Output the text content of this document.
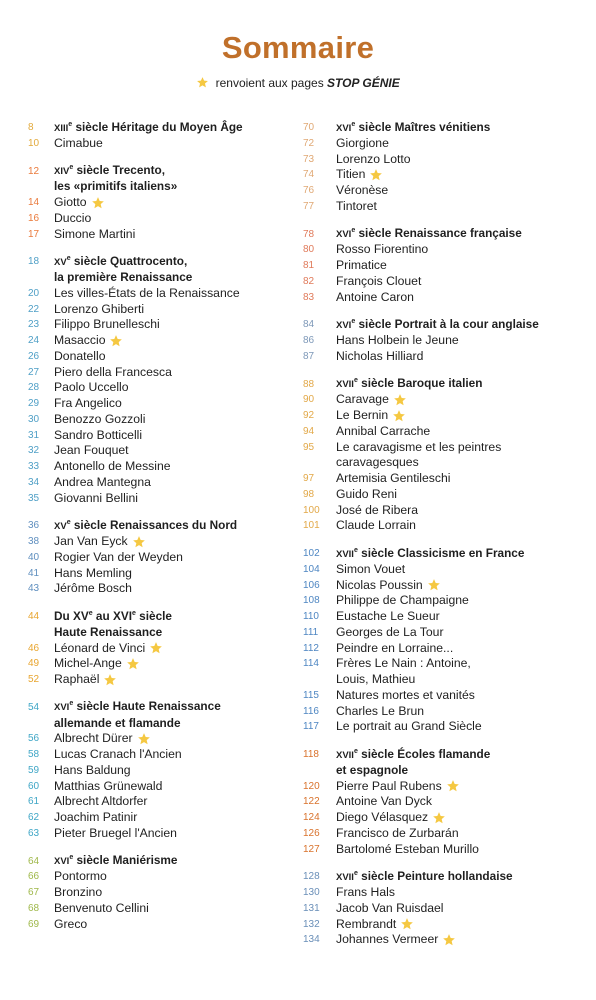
Sommaire
renvoient aux pages STOP GÉNIE
8	XIIIe siècle Héritage du Moyen Âge
10	Cimabue
12	XIVe siècle Trecento,
les «primitifs italiens»
14	Giotto
16	Duccio
17	Simone Martini
18	XVe siècle Quattrocento,
la première Renaissance
20	Les villes-États de la Renaissance
22	Lorenzo Ghiberti
23	Filippo Brunelleschi
24	Masaccio
26	Donatello
27	Piero della Francesca
28	Paolo Uccello
29	Fra Angelico
30	Benozzo Gozzoli
31	Sandro Botticelli
32	Jean Fouquet
33	Antonello de Messine
34	Andrea Mantegna
35	Giovanni Bellini
36	XVe siècle Renaissances du Nord
38	Jan Van Eyck
40	Rogier Van der Weyden
41	Hans Memling
43	Jérôme Bosch
44	Du XVe au XVIe siècle
Haute Renaissance
46	Léonard de Vinci
49	Michel-Ange
52	Raphaël
54	XVIe siècle Haute Renaissance
allemande et flamande
56	Albrecht Dürer
58	Lucas Cranach l'Ancien
59	Hans Baldung
60	Matthias Grünewald
61	Albrecht Altdorfer
62	Joachim Patinir
63	Pieter Bruegel l'Ancien
64	XVIe siècle Maniérisme
66	Pontormo
67	Bronzino
68	Benvenuto Cellini
69	Greco
70	XVIe siècle Maîtres vénitiens
72	Giorgione
73	Lorenzo Lotto
74	Titien
76	Véronèse
77	Tintoret
78	XVIe siècle Renaissance française
80	Rosso Fiorentino
81	Primatice
82	François Clouet
83	Antoine Caron
84	XVIe siècle Portrait à la cour anglaise
86	Hans Holbein le Jeune
87	Nicholas Hilliard
88	XVIIe siècle Baroque italien
90	Caravage
92	Le Bernin
94	Annibal Carrache
95	Le caravagisme et les peintres
caravagesques
97	Artemisia Gentileschi
98	Guido Reni
100	José de Ribera
101	Claude Lorrain
102	XVIIe siècle Classicisme en France
104	Simon Vouet
106	Nicolas Poussin
108	Philippe de Champaigne
110	Eustache Le Sueur
111	Georges de La Tour
112	Peindre en Lorraine...
114	Frères Le Nain : Antoine,
Louis, Mathieu
115	Natures mortes et vanités
116	Charles Le Brun
117	Le portrait au Grand Siècle
118	XVIIe siècle Écoles flamande
et espagnole
120	Pierre Paul Rubens
122	Antoine Van Dyck
124	Diego Vélasquez
126	Francisco de Zurbarán
127	Bartolomé Esteban Murillo
128	XVIIe siècle Peinture hollandaise
130	Frans Hals
131	Jacob Van Ruisdael
132	Rembrandt
134	Johannes Vermeer
